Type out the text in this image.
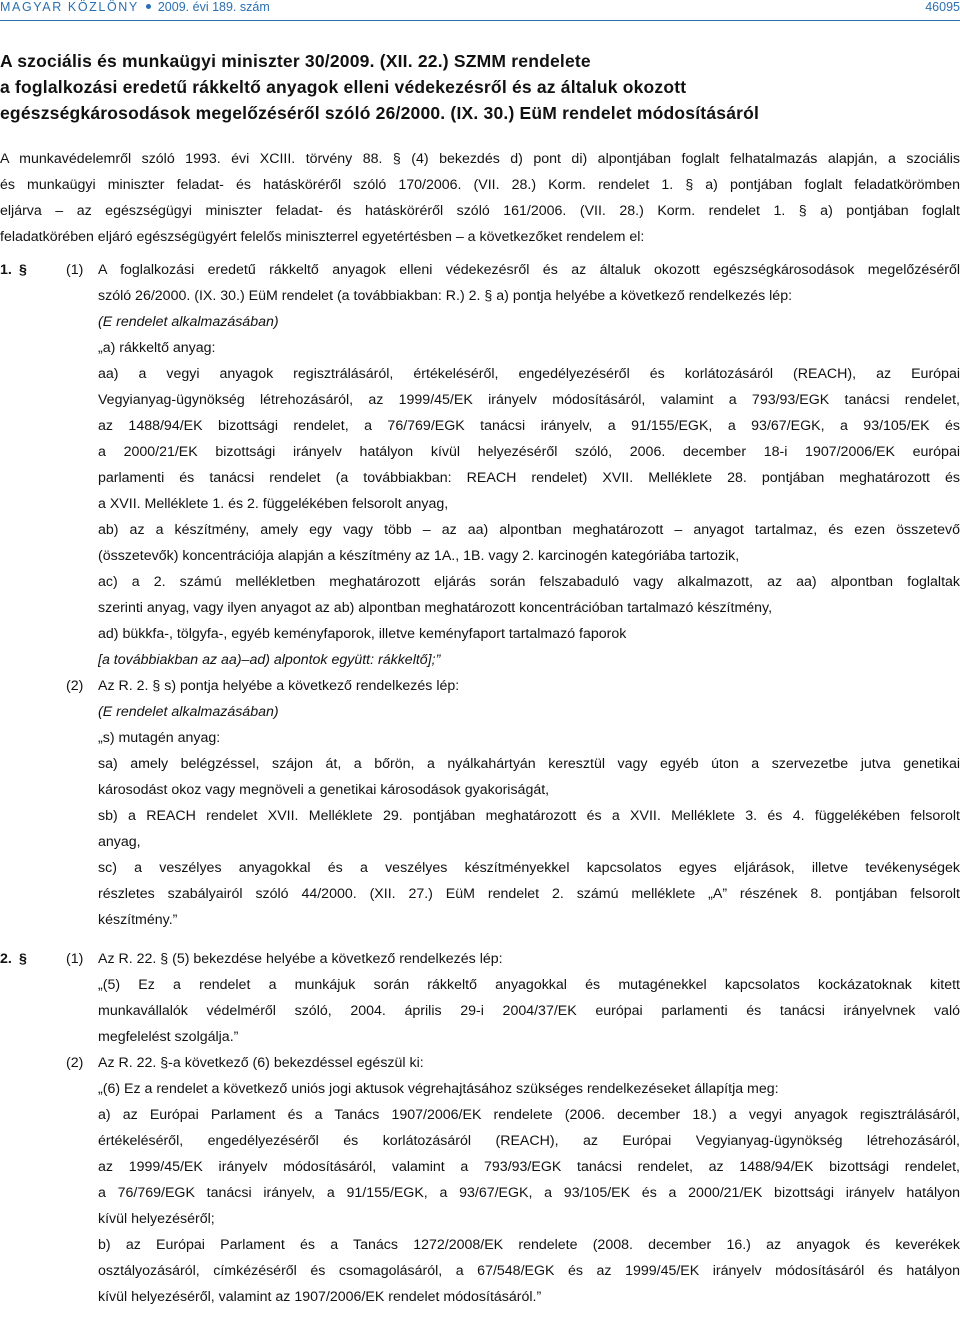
MAGYAR KÖZLÖNY 2009. évi 189. szám	46095
A szociális és munkaügyi miniszter 30/2009. (XII. 22.) SZMM rendelete
a foglalkozási eredetű rákkeltő anyagok elleni védekezésről és az általuk okozott
egészségkárosodások megelőzéséről szóló 26/2000. (IX. 30.) EüM rendelet módosításáról
A munkavédelemről szóló 1993. évi XCIII. törvény 88. § (4) bekezdés d) pont di) alpontjában foglalt felhatalmazás alapján, a szociális
és munkaügyi miniszter feladat- és hatásköréről szóló 170/2006. (VII. 28.) Korm. rendelet 1. § a) pontjában foglalt feladatkörömben
eljárva – az egészségügyi miniszter feladat- és hatásköréről szóló 161/2006. (VII. 28.) Korm. rendelet 1. § a) pontjában foglalt
feladatkörében eljáró egészségügyért felelős miniszterrel egyetértésben – a következőket rendelem el:
1. §	(1) A foglalkozási eredetű rákkeltő anyagok elleni védekezésről és az általuk okozott egészségkárosodások megelőzéséről
szóló 26/2000. (IX. 30.) EüM rendelet (a továbbiakban: R.) 2. § a) pontja helyébe a következő rendelkezés lép:
(E rendelet alkalmazásában)
„a) rákkeltő anyag:
aa) a vegyi anyagok regisztrálásáról, értékeléséről, engedélyezéséről és korlátozásáról (REACH), az Európai
Vegyianyag-ügynökség létrehozásáról, az 1999/45/EK irányelv módosításáról, valamint a 793/93/EGK tanácsi rendelet,
az 1488/94/EK bizottsági rendelet, a 76/769/EGK tanácsi irányelv, a 91/155/EGK, a 93/67/EGK, a 93/105/EK és
a 2000/21/EK bizottsági irányelv hatályon kívül helyezéséről szóló, 2006. december 18-i 1907/2006/EK európai
parlamenti és tanácsi rendelet (a továbbiakban: REACH rendelet) XVII. Melléklete 28. pontjában meghatározott és
a XVII. Melléklete 1. és 2. függelékében felsorolt anyag,
ab) az a készítmény, amely egy vagy több – az aa) alpontban meghatározott – anyagot tartalmaz, és ezen összetevő
(összetevők) koncentrációja alapján a készítmény az 1A., 1B. vagy 2. karcinogén kategóriába tartozik,
ac) a 2. számú mellékletben meghatározott eljárás során felszabaduló vagy alkalmazott, az aa) alpontban foglaltak
szerinti anyag, vagy ilyen anyagot az ab) alpontban meghatározott koncentrációban tartalmazó készítmény,
ad) bükkfa-, tölgyfa-, egyéb keményfaporok, illetve keményfaport tartalmazó faporok
[a továbbiakban az aa)–ad) alpontok együtt: rákkeltő];”
(2) Az R. 2. § s) pontja helyébe a következő rendelkezés lép:
(E rendelet alkalmazásában)
„s) mutagén anyag:
sa) amely belégzéssel, szájon át, a bőrön, a nyálkahártyán keresztül vagy egyéb úton a szervezetbe jutva genetikai
károsodást okoz vagy megnöveli a genetikai károsodások gyakoriságát,
sb) a REACH rendelet XVII. Melléklete 29. pontjában meghatározott és a XVII. Melléklete 3. és 4. függelékében felsorolt
anyag,
sc) a veszélyes anyagokkal és a veszélyes készítményekkel kapcsolatos egyes eljárások, illetve tevékenységek
részletes szabályairól szóló 44/2000. (XII. 27.) EüM rendelet 2. számú melléklete „A” részének 8. pontjában felsorolt
készítmény.”
2. §	(1) Az R. 22. § (5) bekezdése helyébe a következő rendelkezés lép:
„(5) Ez a rendelet a munkájuk során rákkeltő anyagokkal és mutagénekkel kapcsolatos kockázatoknak kitett
munkavállalók védelméről szóló, 2004. április 29-i 2004/37/EK európai parlamenti és tanácsi irányelvnek való
megfelelést szolgálja.”
(2) Az R. 22. §-a következő (6) bekezdéssel egészül ki:
„(6) Ez a rendelet a következő uniós jogi aktusok végrehajtásához szükséges rendelkezéseket állapítja meg:
a) az Európai Parlament és a Tanács 1907/2006/EK rendelete (2006. december 18.) a vegyi anyagok regisztrálásáról,
értékeléséről, engedélyezéséről és korlátozásáról (REACH), az Európai Vegyianyag-ügynökség létrehozásáról,
az 1999/45/EK irányelv módosításáról, valamint a 793/93/EGK tanácsi rendelet, az 1488/94/EK bizottsági rendelet,
a 76/769/EGK tanácsi irányelv, a 91/155/EGK, a 93/67/EGK, a 93/105/EK és a 2000/21/EK bizottsági irányelv hatályon
kívül helyezéséről;
b) az Európai Parlament és a Tanács 1272/2008/EK rendelete (2008. december 16.) az anyagok és keverékek
osztályozásáról, címkézéséről és csomagolásáról, a 67/548/EGK és az 1999/45/EK irányelv módosításáról és hatályon
kívül helyezéséről, valamint az 1907/2006/EK rendelet módosításáról.”
